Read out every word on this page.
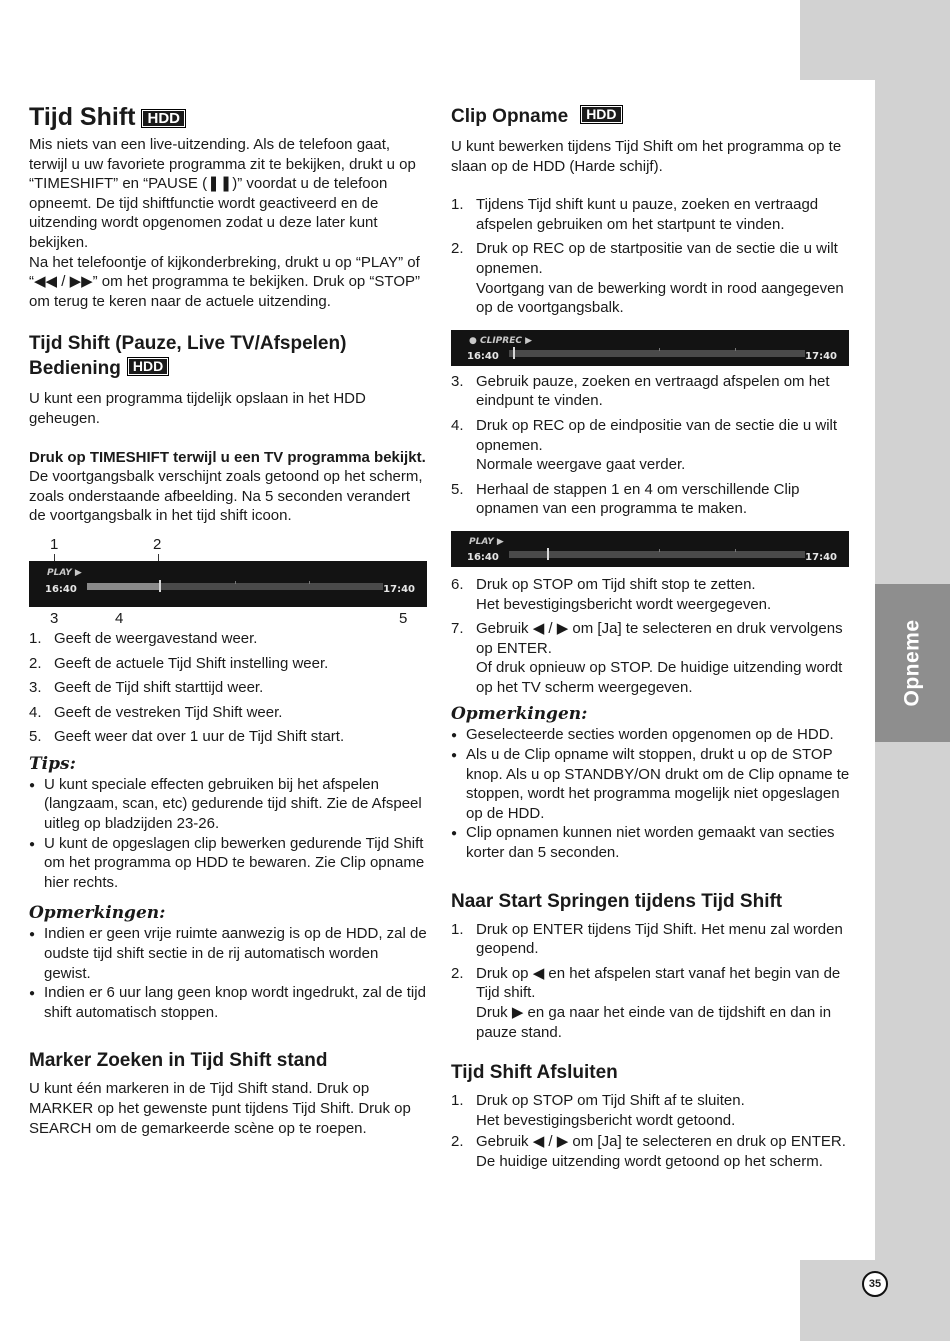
Opneme
35
Tijd Shift HDD

Mis niets van een live-uitzending. Als de telefoon gaat, terwijl u uw favoriete programma zit te bekijken, drukt u op “TIMESHIFT” en “PAUSE (❚❚)” voordat u de telefoon opneemt. De tijd shiftfunctie wordt geactiveerd en de uitzending wordt opgenomen zodat u deze later kunt bekijken.

Na het telefoontje of kijkonderbreking, drukt u op “PLAY” of “◀◀ / ▶▶” om het programma te bekijken. Druk op “STOP” om terug te keren naar de actuele uitzending.

Tijd Shift (Pauze, Live TV/Afspelen)
Bediening HDD

U kunt een programma tijdelijk opslaan in het HDD geheugen.

Druk op TIMESHIFT terwijl u een TV programma bekijkt.

De voortgangsbalk verschijnt zoals getoond op het scherm, zoals onderstaande afbeelding. Na 5 seconden verandert de voortgangsbalk in het tijd shift icoon.

1	2
PLAY ▶
16:40	17:40
3	4	5
1. Geeft de weergavestand weer.
2. Geeft de actuele Tijd Shift instelling weer.
3. Geeft de Tijd shift starttijd weer.
4. Geeft de vestreken Tijd Shift weer.
5. Geeft weer dat over 1 uur de Tijd Shift start.

Tips:

● U kunt speciale effecten gebruiken bij het afspelen (langzaam, scan, etc) gedurende tijd shift. Zie de Afspeel uitleg op bladzijden 23-26.
● U kunt de opgeslagen clip bewerken gedurende Tijd Shift om het programma op HDD te bewaren. Zie Clip opname hier rechts.

Opmerkingen:

● Indien er geen vrije ruimte aanwezig is op de HDD, zal de oudste tijd shift sectie in de rij automatisch worden gewist.
● Indien er 6 uur lang geen knop wordt ingedrukt, zal de tijd shift automatisch stoppen.
Marker Zoeken in Tijd Shift stand

U kunt één markeren in de Tijd Shift stand. Druk op MARKER op het gewenste punt tijdens Tijd Shift. Druk op SEARCH om de gemarkeerde scène op te roepen.

Clip Opname HDD

U kunt bewerken tijdens Tijd Shift om het programma op te slaan op de HDD (Harde schijf).

1. Tijdens Tijd shift kunt u pauze, zoeken en vertraagd afspelen gebruiken om het startpunt te vinden.
2. Druk op REC op de startpositie van de sectie die u wilt opnemen.
Voortgang van de bewerking wordt in rood aangegeven op de voortgangsbalk.
● CLIPREC ▶
16:40	17:40
3. Gebruik pauze, zoeken en vertraagd afspelen om het eindpunt te vinden.
4. Druk op REC op de eindpositie van de sectie die u wilt opnemen.
Normale weergave gaat verder.
5. Herhaal de stappen 1 en 4 om verschillende Clip opnamen van een programma te maken.
PLAY ▶
16:40	17:40
6. Druk op STOP om Tijd shift stop te zetten.
Het bevestigingsbericht wordt weergegeven.
7. Gebruik ◀ / ▶ om [Ja] te selecteren en druk vervolgens op ENTER.
Of druk opnieuw op STOP. De huidige uitzending wordt op het TV scherm weergegeven.

Opmerkingen:

● Geselecteerde secties worden opgenomen op de HDD.
● Als u de Clip opname wilt stoppen, drukt u op de STOP knop. Als u op STANDBY/ON drukt om de Clip opname te stoppen, wordt het programma mogelijk niet opgeslagen op de HDD.
● Clip opnamen kunnen niet worden gemaakt van secties korter dan 5 seconden.
Naar Start Springen tijdens Tijd Shift
1. Druk op ENTER tijdens Tijd Shift. Het menu zal worden geopend.
2. Druk op ◀ en het afspelen start vanaf het begin van de Tijd shift.
Druk ▶ en ga naar het einde van de tijdshift en dan in pauze stand.
Tijd Shift Afsluiten
1. Druk op STOP om Tijd Shift af te sluiten.
Het bevestigingsbericht wordt getoond.
2. Gebruik ◀ / ▶ om [Ja] te selecteren en druk op ENTER. De huidige uitzending wordt getoond op het scherm.
